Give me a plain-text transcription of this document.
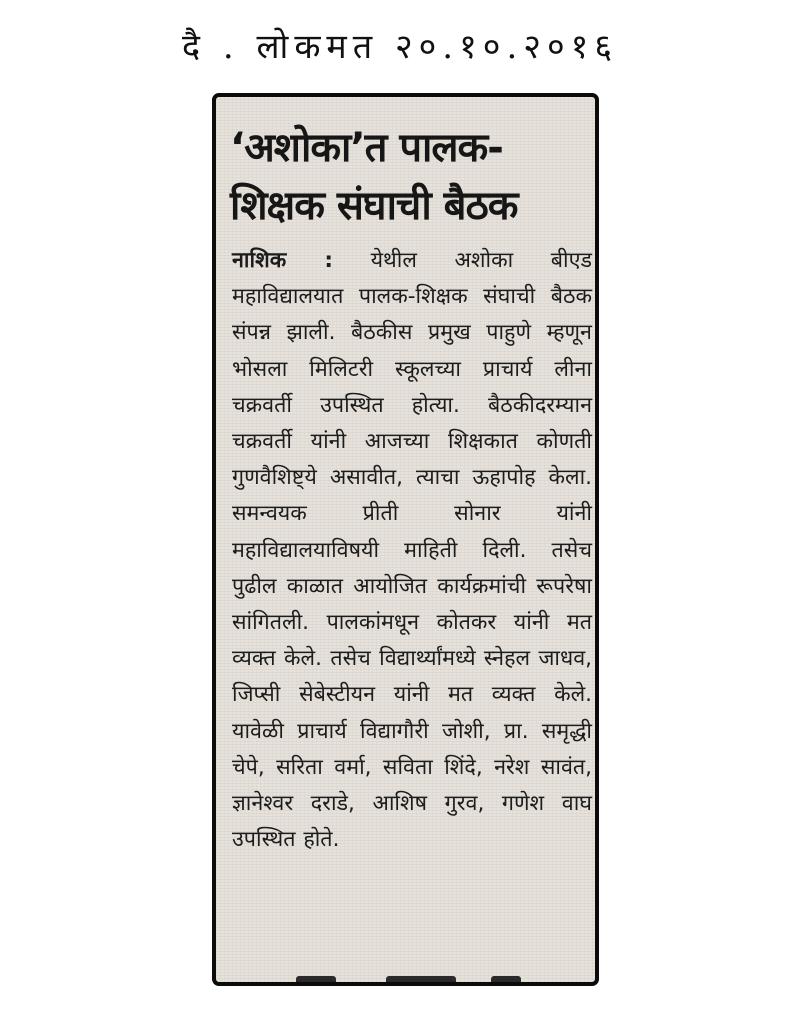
दै . लोकमत २०.१०.२०१६
‘अशोका’त पालक-शिक्षक संघाची बैठक

नाशिक : येथील अशोका बीएड महाविद्यालयात पालक-शिक्षक संघाची बैठक संपन्न झाली. बैठकीस प्रमुख पाहुणे म्हणून भोसला मिलिटरी स्कूलच्या प्राचार्य लीना चक्रवर्ती उपस्थित होत्या. बैठकीदरम्यान चक्रवर्ती यांनी आजच्या शिक्षकात कोणती गुणवैशिष्ट्ये असावीत, त्याचा ऊहापोह केला. समन्वयक प्रीती सोनार यांनी महाविद्यालयाविषयी माहिती दिली. तसेच पुढील काळात आयोजित कार्यक्रमांची रूपरेषा सांगितली. पालकांमधून कोतकर यांनी मत व्यक्त केले. तसेच विद्यार्थ्यांमध्ये स्नेहल जाधव, जिप्सी सेबेस्टीयन यांनी मत व्यक्त केले. यावेळी प्राचार्य विद्यागौरी जोशी, प्रा. समृद्धी चेपे, सरिता वर्मा, सविता शिंदे, नरेश सावंत, ज्ञानेश्वर दराडे, आशिष गुरव, गणेश वाघ उपस्थित होते.
